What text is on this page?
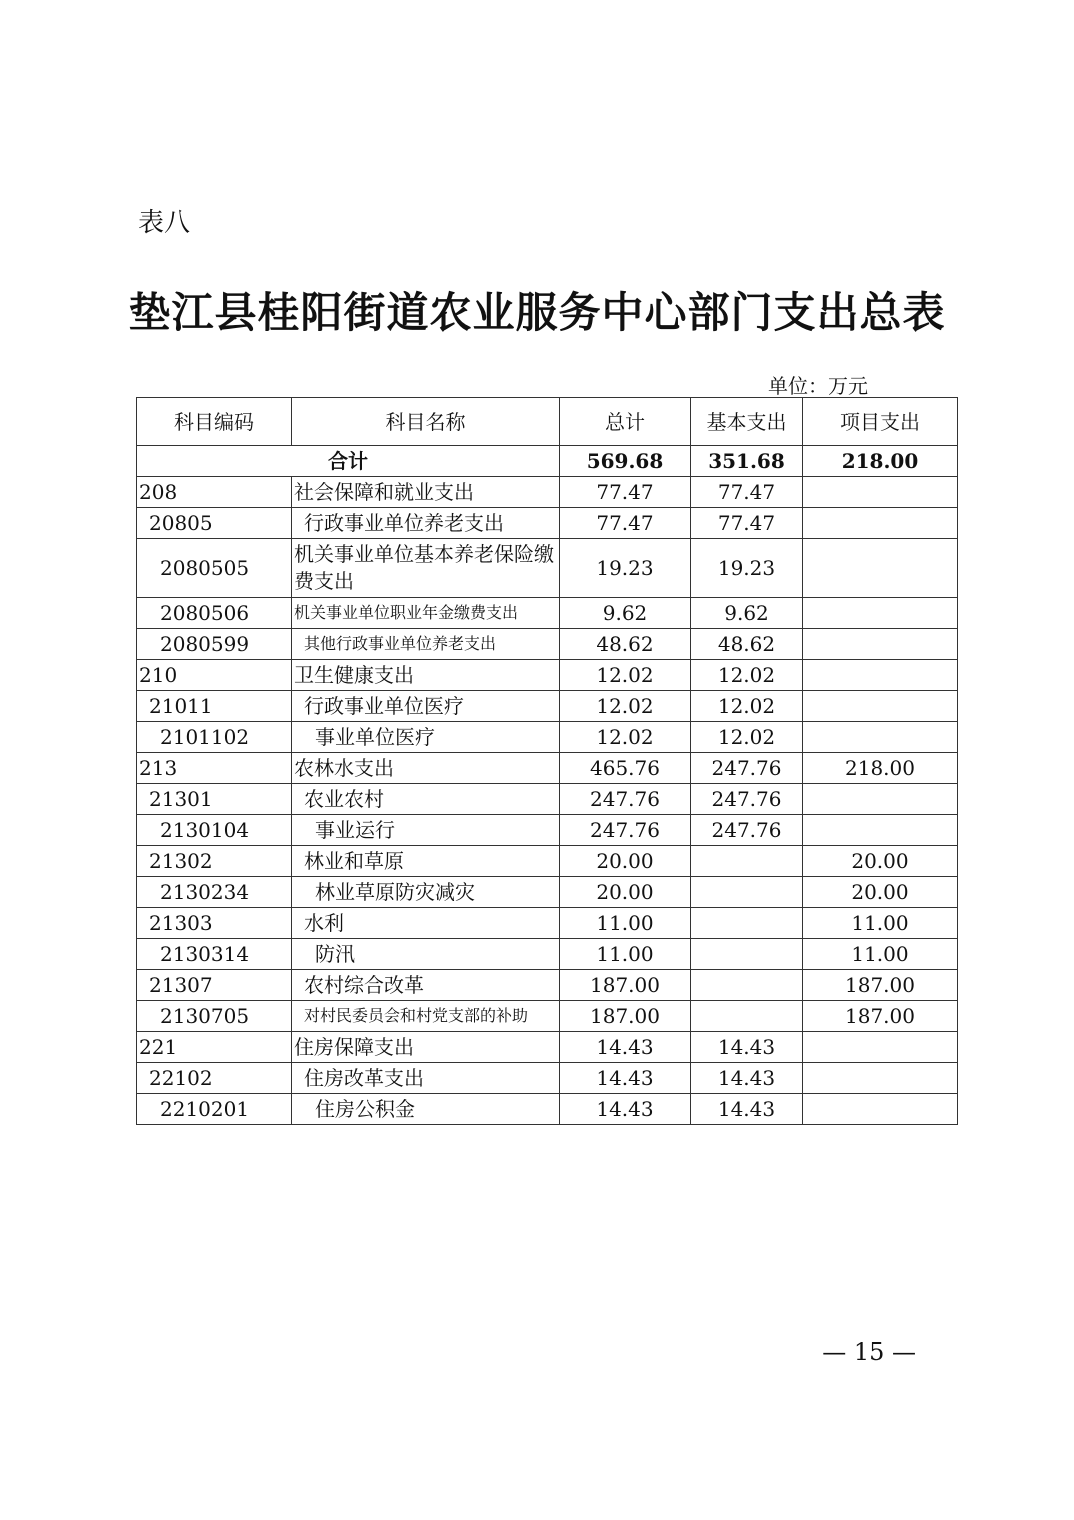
表八
垫江县桂阳街道农业服务中心部门支出总表
单位：万元
科目编码	科目名称	总计	基本支出	项目支出
合计		569.68	351.68	218.00
208	社会保障和就业支出	77.47	77.47	
20805	行政事业单位养老支出	77.47	77.47	
2080505	机关事业单位基本养老保险缴费支出	19.23	19.23	
2080506	机关事业单位职业年金缴费支出	9.62	9.62	
2080599	其他行政事业单位养老支出	48.62	48.62	
210	卫生健康支出	12.02	12.02	
21011	行政事业单位医疗	12.02	12.02	
2101102	事业单位医疗	12.02	12.02	
213	农林水支出	465.76	247.76	218.00
21301	农业农村	247.76	247.76	
2130104	事业运行	247.76	247.76	
21302	林业和草原	20.00		20.00
2130234	林业草原防灾减灾	20.00		20.00
21303	水利	11.00		11.00
2130314	防汛	11.00		11.00
21307	农村综合改革	187.00		187.00
2130705	对村民委员会和村党支部的补助	187.00		187.00
221	住房保障支出	14.43	14.43	
22102	住房改革支出	14.43	14.43	
2210201	住房公积金	14.43	14.43	
— 15 —
